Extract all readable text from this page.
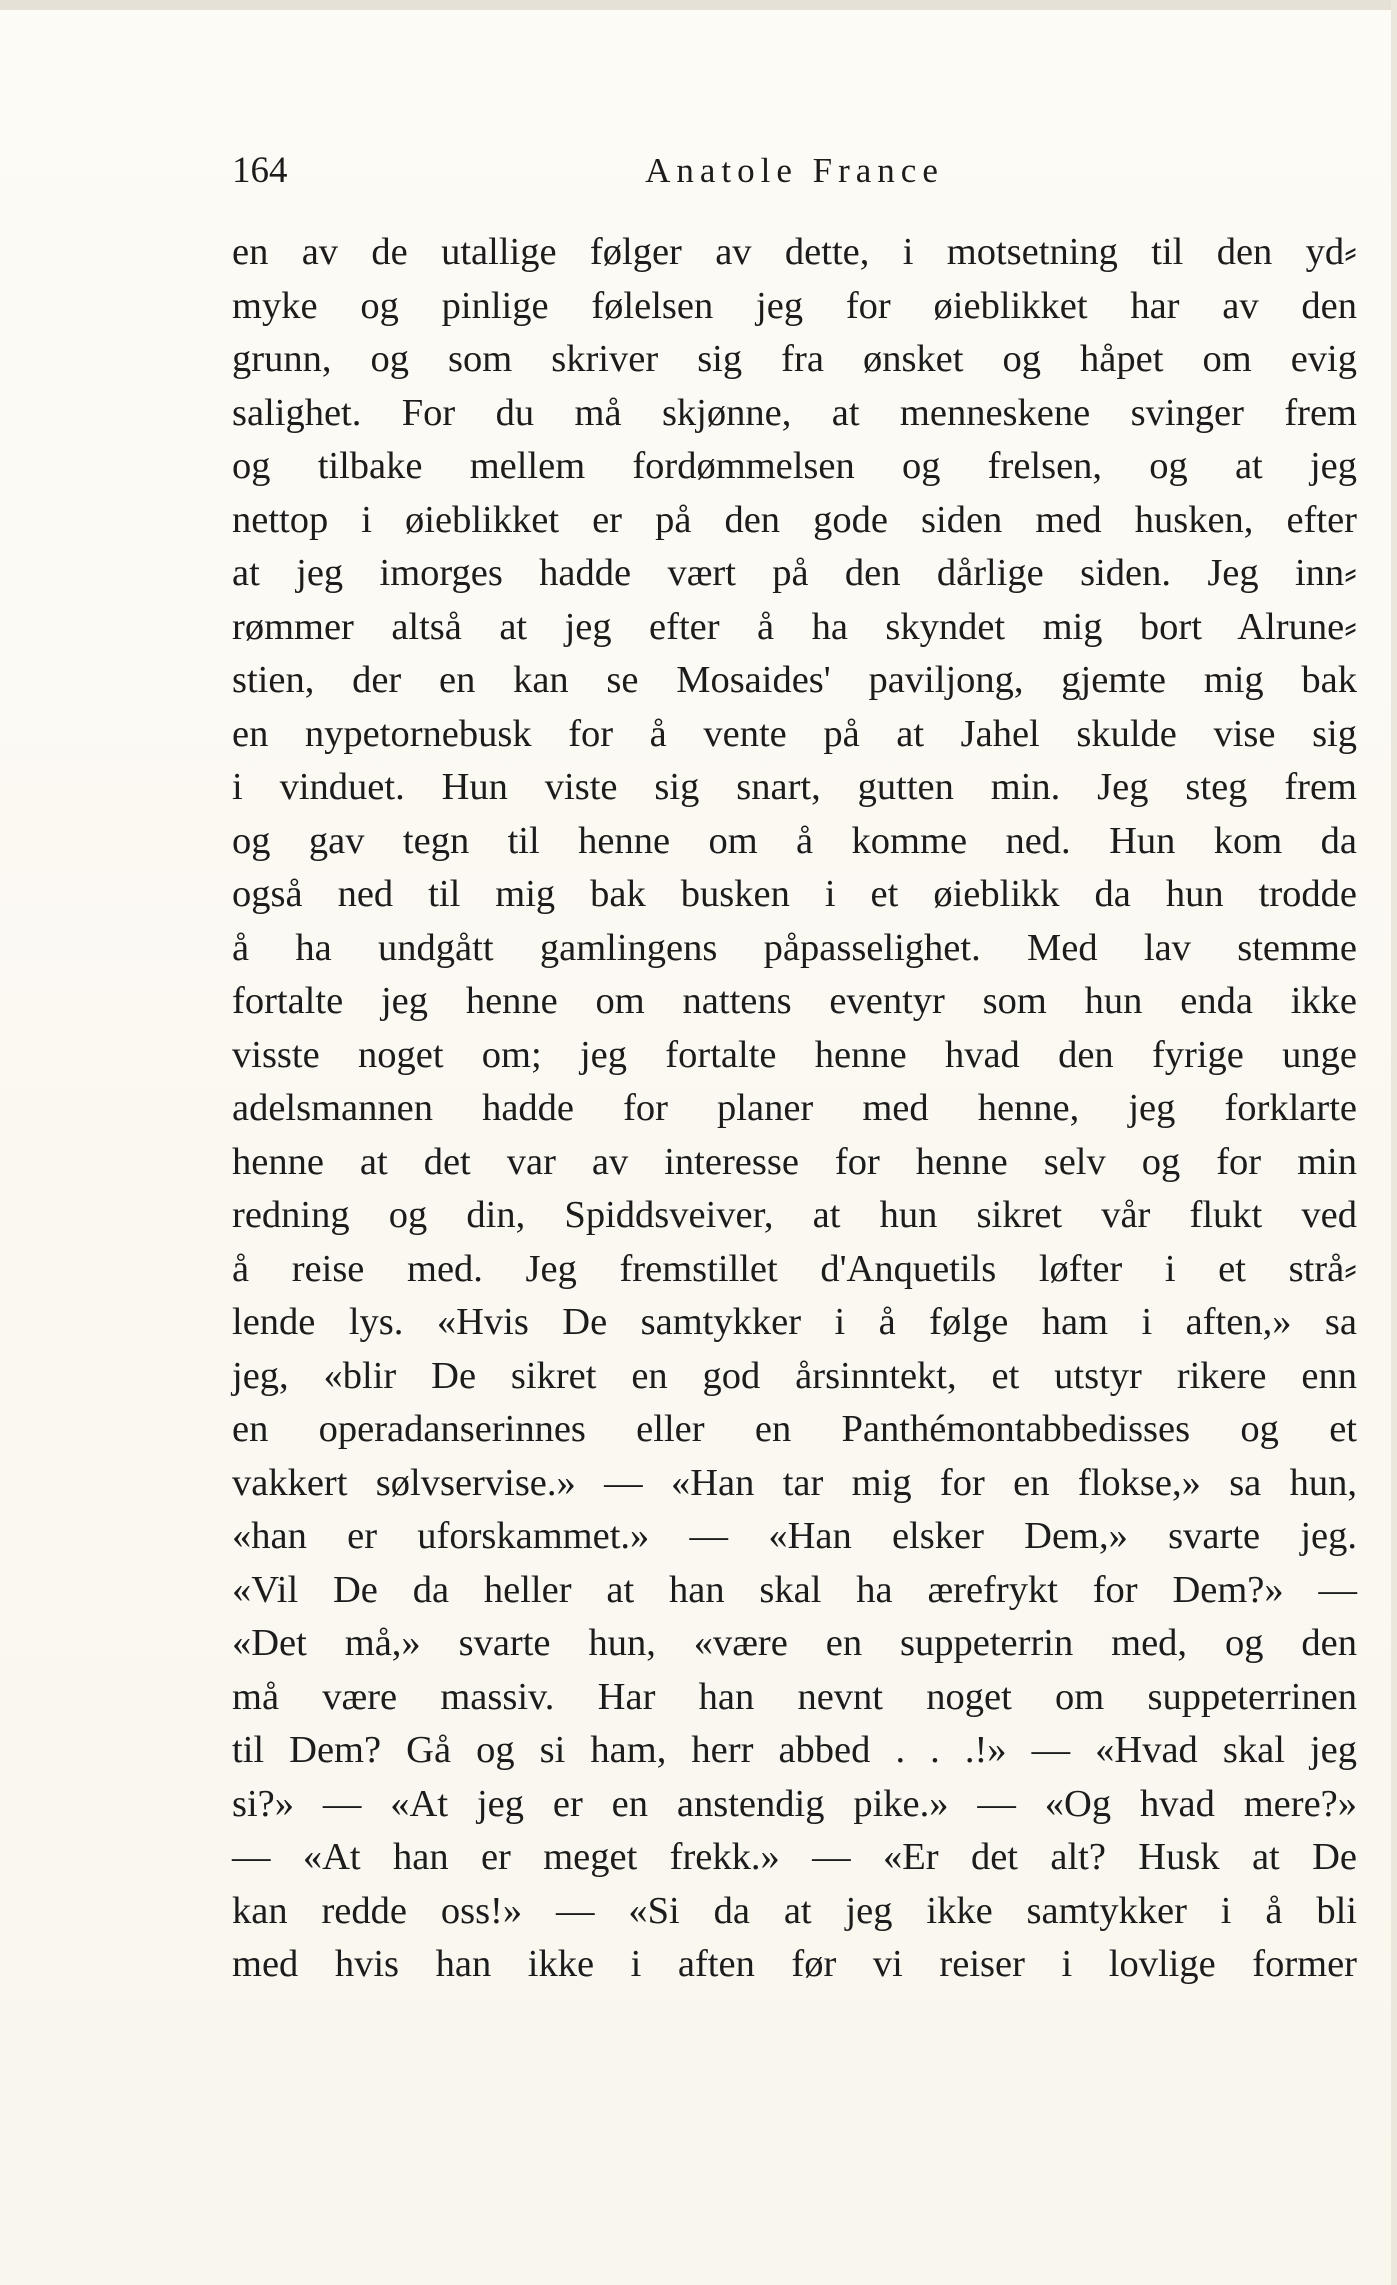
Anatole France
164
en av de utallige følger av dette, i motsetning til den yd⸗
myke og pinlige følelsen jeg for øieblikket har av den
grunn, og som skriver sig fra ønsket og håpet om evig
salighet. For du må skjønne, at menneskene svinger frem
og tilbake mellem fordømmelsen og frelsen, og at jeg
nettop i øieblikket er på den gode siden med husken, efter
at jeg imorges hadde vært på den dårlige siden. Jeg inn⸗
rømmer altså at jeg efter å ha skyndet mig bort Alrune⸗
stien, der en kan se Mosaides' paviljong, gjemte mig bak
en nypetornebusk for å vente på at Jahel skulde vise sig
i vinduet. Hun viste sig snart, gutten min. Jeg steg frem
og gav tegn til henne om å komme ned. Hun kom da
også ned til mig bak busken i et øieblikk da hun trodde
å ha undgått gamlingens påpasselighet. Med lav stemme
fortalte jeg henne om nattens eventyr som hun enda ikke
visste noget om; jeg fortalte henne hvad den fyrige unge
adelsmannen hadde for planer med henne, jeg forklarte
henne at det var av interesse for henne selv og for min
redning og din, Spiddsveiver, at hun sikret vår flukt ved
å reise med. Jeg fremstillet d'Anquetils løfter i et strå⸗
lende lys. «Hvis De samtykker i å følge ham i aften,» sa
jeg, «blir De sikret en god årsinntekt, et utstyr rikere enn
en operadanserinnes eller en Panthémontabbedisses og et
vakkert sølvservise.» — «Han tar mig for en flokse,» sa hun,
«han er uforskammet.» — «Han elsker Dem,» svarte jeg.
«Vil De da heller at han skal ha ærefrykt for Dem?» —
«Det må,» svarte hun, «være en suppeterrin med, og den
må være massiv. Har han nevnt noget om suppeterrinen
til Dem? Gå og si ham, herr abbed . . .!» — «Hvad skal jeg
si?» — «At jeg er en anstendig pike.» — «Og hvad mere?»
— «At han er meget frekk.» — «Er det alt? Husk at De
kan redde oss!» — «Si da at jeg ikke samtykker i å bli
med hvis han ikke i aften før vi reiser i lovlige former
